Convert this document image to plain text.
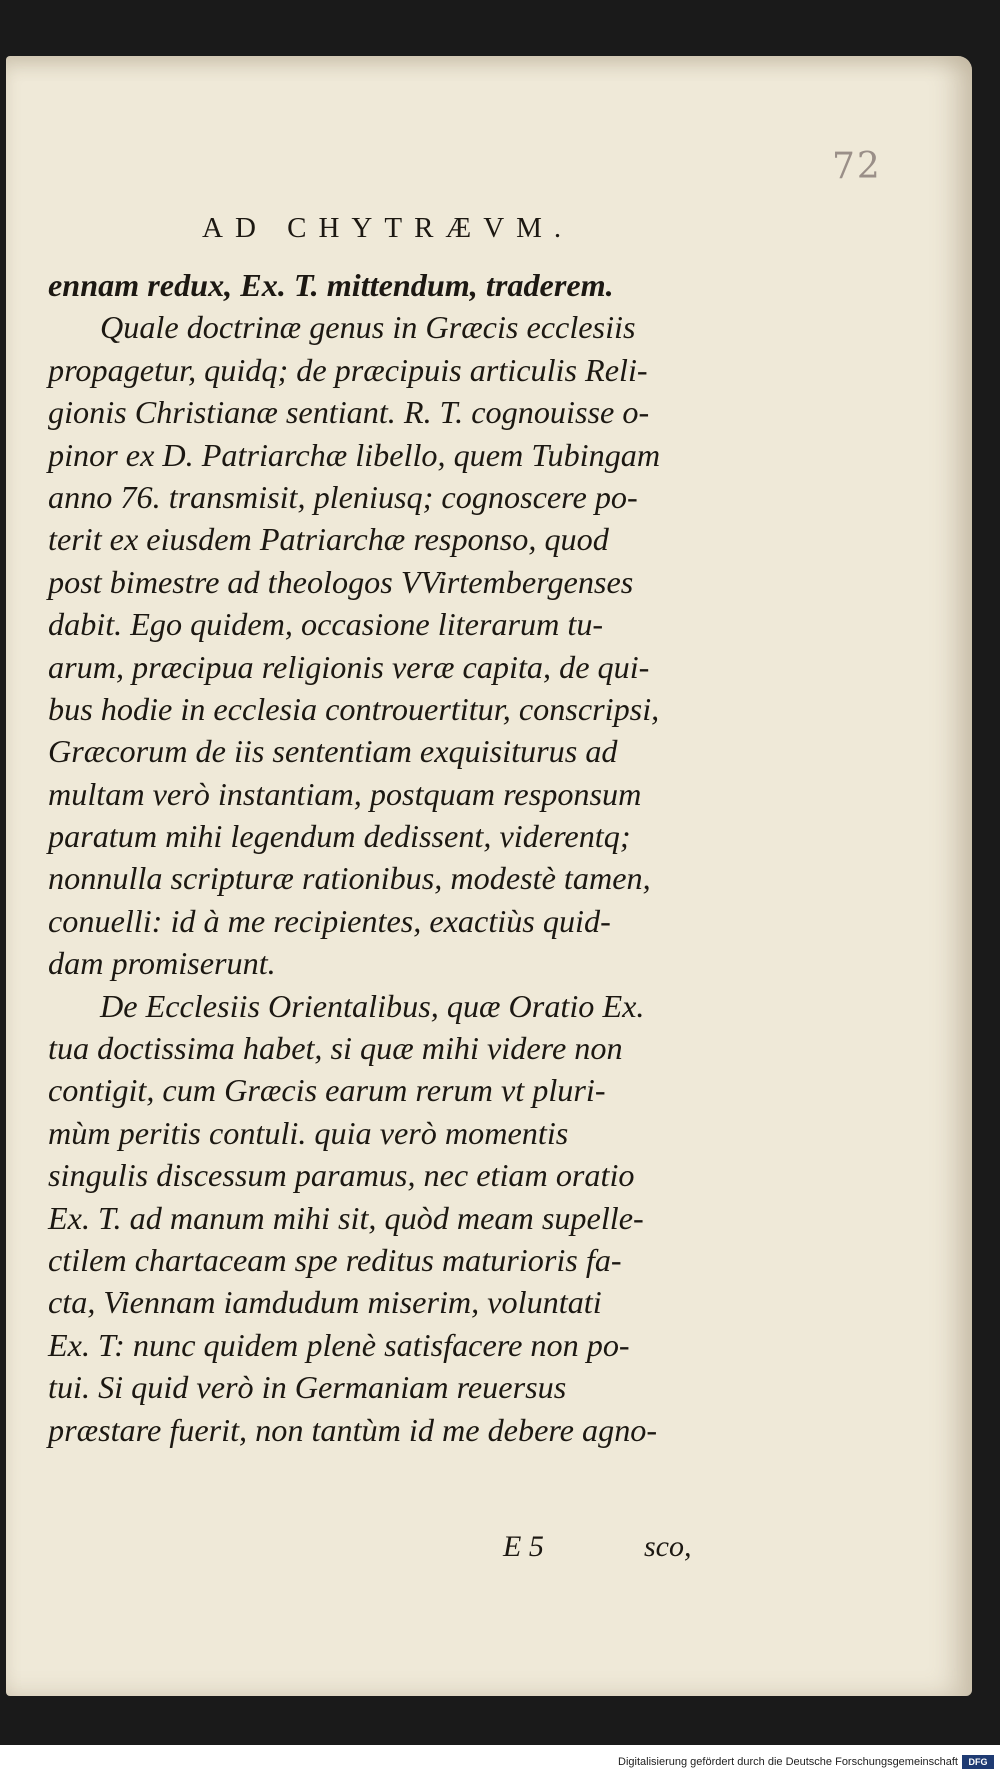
72
AD CHYTRÆVM.
ennam redux, Ex. T. mittendum, traderem.
Quale doctrinæ genus in Græcis ecclesiis
propagetur, quidq; de præcipuis articulis Reli-
gionis Christianæ sentiant. R. T. cognouisse o-
pinor ex D. Patriarchæ libello, quem Tubingam
anno 76. transmisit, pleniusq; cognoscere po-
terit ex eiusdem Patriarchæ responso, quod
post bimestre ad theologos VVirtembergenses
dabit. Ego quidem, occasione literarum tu-
arum, præcipua religionis veræ capita, de qui-
bus hodie in ecclesia controuertitur, conscripsi,
Græcorum de iis sententiam exquisiturus ad
multam verò instantiam, postquam responsum
paratum mihi legendum dedissent, viderentq;
nonnulla scripturæ rationibus, modestè tamen,
conuelli: id à me recipientes, exactiùs quid-
dam promiserunt.
De Ecclesiis Orientalibus, quæ Oratio Ex.
tua doctissima habet, si quæ mihi videre non
contigit, cum Græcis earum rerum vt pluri-
mùm peritis contuli. quia verò momentis
singulis discessum paramus, nec etiam oratio
Ex. T. ad manum mihi sit, quòd meam supelle-
ctilem chartaceam spe reditus maturioris fa-
cta, Viennam iamdudum miserim, voluntati
Ex. T: nunc quidem plenè satisfacere non po-
tui. Si quid verò in Germaniam reuersus
præstare fuerit, non tantùm id me debere agno-
E 5	sco,
Digitalisierung gefördert durch die Deutsche Forschungsgemeinschaft	DFG
